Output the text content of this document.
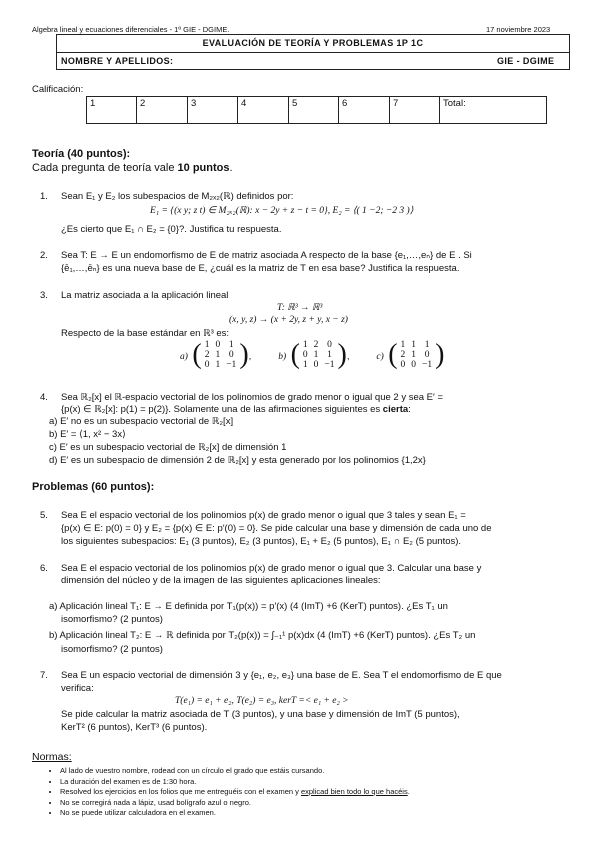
Algebra lineal y ecuaciones diferenciales - 1º GIE - DGIME.	17 noviembre 2023
EVALUACIÓN DE TEORÍA Y PROBLEMAS 1P 1C
NOMBRE Y APELLIDOS:	GIE - DGIME
Calificación:
1	2	3	4	5	6	7	Total:
Teoría (40 puntos):
Cada pregunta de teoría vale 10 puntos.
1. Sean E₁ y E₂ los subespacios de M₂ₓ₂(ℝ) definidos por:
E₁ = {(x y; z t) ∈ M₂ₓ₂(ℝ): x − 2y + z − t = 0}, E₂ = ⟨( 1 −2; −2 3 )⟩
¿Es cierto que E₁ ∩ E₂ = {0}?. Justifica tu respuesta.
2. Sea T: E → E un endomorfismo de E de matriz asociada A respecto de la base {e₁,…,eₙ} de E . Si
{ē₁,…,ēₙ} es una nueva base de E, ¿cuál es la matriz de T en esa base? Justifica la respuesta.
3. La matriz asociada a la aplicación lineal
T: ℝ³ → ℝ³
(x, y, z) → (x + 2y, z + y, x − z)
Respecto de la base estándar en ℝ³ es:
a) ( 1	0	1
2	1	0
0	1	−1 ),	b) ( 1	2	0
0	1	1
1	0	−1 ),	c) ( 1	1	1
2	1	0
0	0	−1 )
4. Sea ℝ₂[x] el ℝ-espacio vectorial de los polinomios de grado menor o igual que 2 y sea E′ =
{p(x) ∈ ℝ₂[x]: p(1) = p(2)}. Solamente una de las afirmaciones siguientes es cierta:
a) E′ no es un subespacio vectorial de ℝ₂[x]
b) E′ = ⟨1, x² − 3x⟩
c) E′ es un subespacio vectorial de ℝ₂[x] de dimensión 1
d) E′ es un subespacio de dimensión 2 de ℝ₂[x] y esta generado por los polinomios {1,2x}
Problemas (60 puntos):
5. Sea E el espacio vectorial de los polinomios p(x) de grado menor o igual que 3 tales y sean E₁ =
{p(x) ∈ E: p(0) = 0} y E₂ = {p(x) ∈ E: p′(0) = 0}. Se pide calcular una base y dimensión de cada uno de
los siguientes subespacios: E₁ (3 puntos), E₂ (3 puntos), E₁ + E₂ (5 puntos), E₁ ∩ E₂ (5 puntos).
6. Sea E el espacio vectorial de los polinomios p(x) de grado menor o igual que 3. Calcular una base y
dimensión del núcleo y de la imagen de las siguientes aplicaciones lineales:
a) Aplicación lineal T₁: E → E definida por T₁(p(x)) = p′(x) (4 (ImT) +6 (KerT) puntos). ¿Es T₁ un
isomorfismo? (2 puntos)
b) Aplicación lineal T₂: E → ℝ definida por T₂(p(x)) = ∫₋₁¹ p(x)dx (4 (ImT) +6 (KerT) puntos). ¿Es T₂ un
isomorfismo? (2 puntos)
7. Sea E un espacio vectorial de dimensión 3 y {e₁, e₂, e₃} una base de E. Sea T el endomorfismo de E que
verifica:
T(e₁) = e₁ + e₂, T(e₂) = e₃, kerT =< e₁ + e₂ >
Se pide calcular la matriz asociada de T (3 puntos), y una base y dimensión de ImT (5 puntos),
KerT² (6 puntos), KerT³ (6 puntos).
Normas:
• Al lado de vuestro nombre, rodead con un círculo el grado que estáis cursando.
• La duración del examen es de 1:30 hora.
• Resolved los ejercicios en los folios que me entreguéis con el examen y explicad bien todo lo que hacéis.
• No se corregirá nada a lápiz, usad bolígrafo azul o negro.
• No se puede utilizar calculadora en el examen.
